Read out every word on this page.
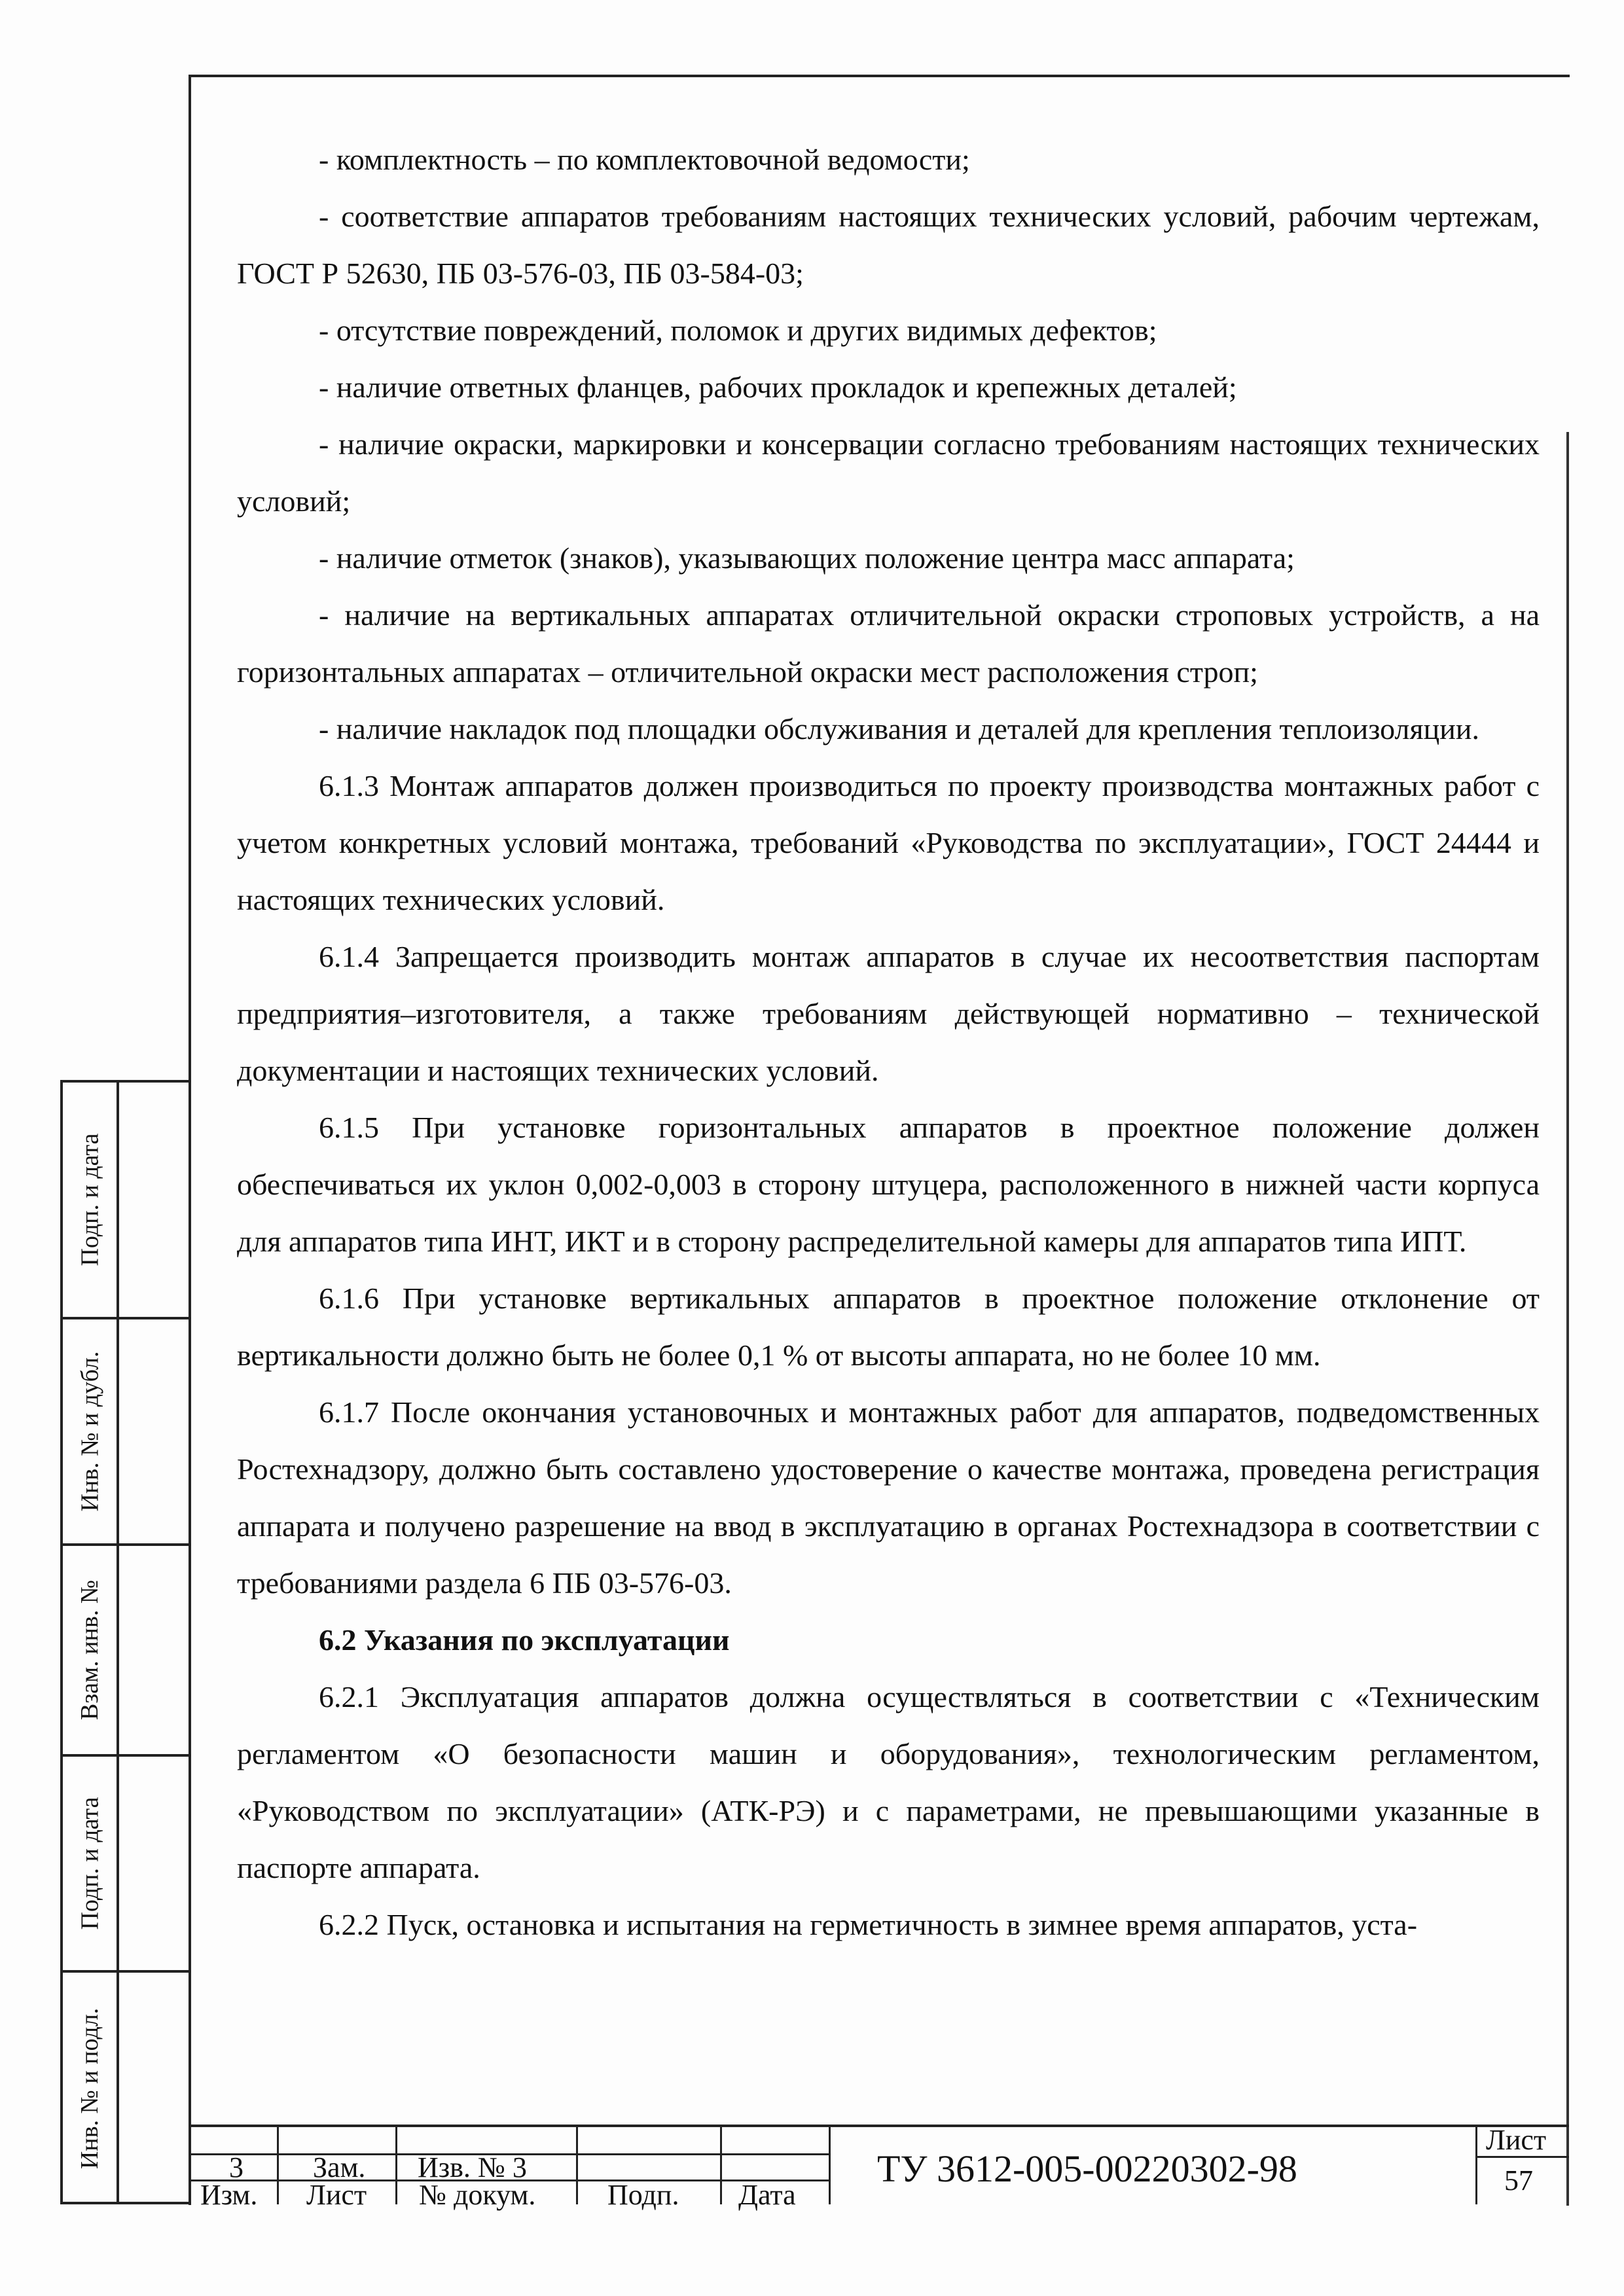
Подп. и дата
Инв. № и дубл.
Взам. инв. №
Подп. и дата
Инв. № и подл.

- комплектность – по комплектовочной ведомости;

- соответствие аппаратов требованиям настоящих технических условий, рабочим чертежам, ГОСТ Р 52630, ПБ 03-576-03, ПБ 03-584-03;

- отсутствие повреждений, поломок и других видимых дефектов;

- наличие ответных фланцев, рабочих прокладок и крепежных деталей;

- наличие окраски, маркировки и консервации согласно требованиям настоящих технических условий;

- наличие отметок (знаков), указывающих положение центра масс аппарата;

- наличие на вертикальных аппаратах отличительной окраски строповых устройств, а на горизонтальных аппаратах – отличительной окраски мест расположения строп;

- наличие накладок под площадки обслуживания и деталей для крепления теплоизоляции.

6.1.3 Монтаж аппаратов должен производиться по проекту производства монтажных работ с учетом конкретных условий монтажа, требований «Руководства по эксплуатации», ГОСТ 24444 и настоящих технических условий.

6.1.4 Запрещается производить монтаж аппаратов в случае их несоответствия паспортам предприятия–изготовителя, а также требованиям действующей нормативно – технической документации и настоящих технических условий.

6.1.5 При установке горизонтальных аппаратов в проектное положение должен обеспечиваться их уклон 0,002-0,003 в сторону штуцера, расположенного в нижней части корпуса для аппаратов типа ИНТ, ИКТ и в сторону распределительной камеры для аппаратов типа ИПТ.

6.1.6 При установке вертикальных аппаратов в проектное положение отклонение от вертикальности должно быть не более 0,1 % от высоты аппарата, но не более 10 мм.

6.1.7 После окончания установочных и монтажных работ для аппаратов, подведомственных Ростехнадзору, должно быть составлено удостоверение о качестве монтажа, проведена регистрация аппарата и получено разрешение на ввод в эксплуатацию в органах Ростехнадзора в соответствии с требованиями раздела 6 ПБ 03-576-03.

6.2 Указания по эксплуатации

6.2.1 Эксплуатация аппаратов должна осуществляться в соответствии с «Техническим регламентом «О безопасности машин и оборудования», технологическим регламентом, «Руководством по эксплуатации» (АТК-РЭ) и с параметрами, не превышающими указанные в паспорте аппарата.

6.2.2 Пуск, остановка и испытания на герметичность в зимнее время аппаратов, уста-

3 Зам. Изв. № 3
Изм. Лист № докум. Подп. Дата
ТУ 3612-005-00220302-98
Лист
57
